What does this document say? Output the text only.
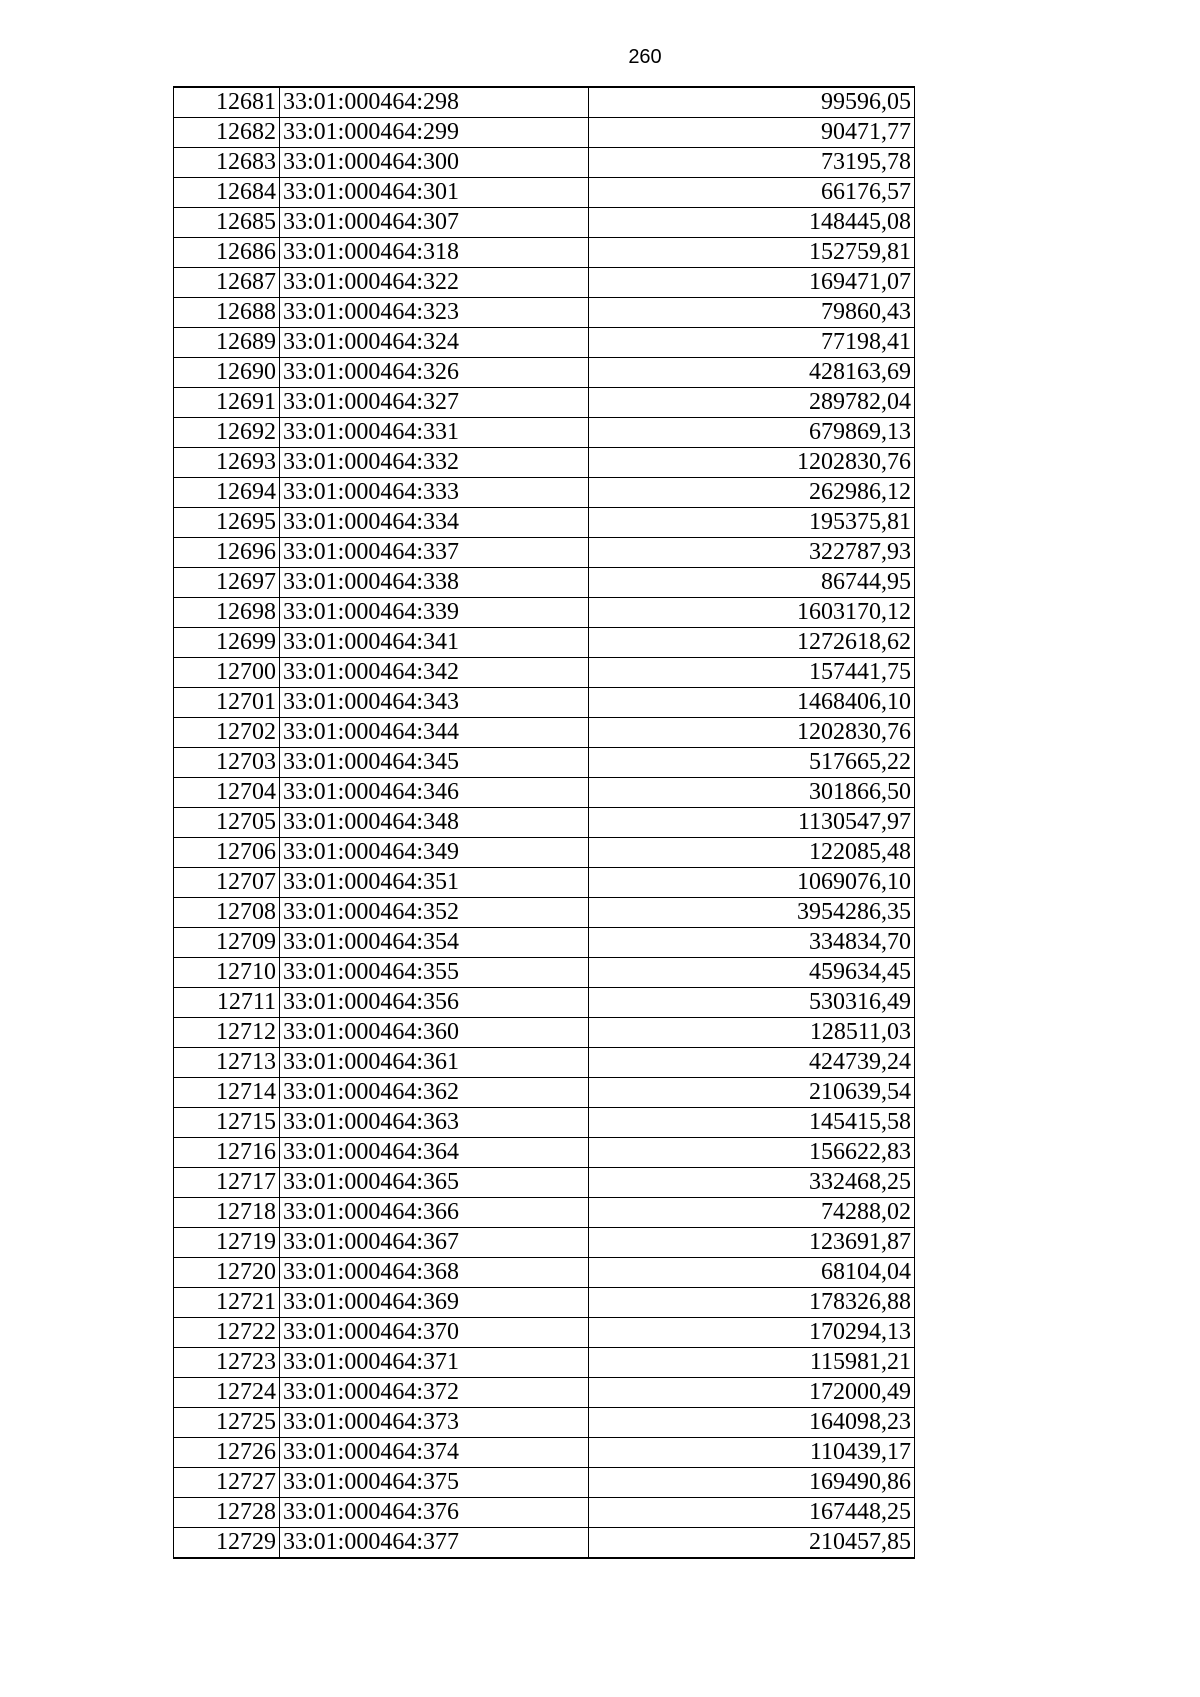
260
12681	33:01:000464:298	99596,05
12682	33:01:000464:299	90471,77
12683	33:01:000464:300	73195,78
12684	33:01:000464:301	66176,57
12685	33:01:000464:307	148445,08
12686	33:01:000464:318	152759,81
12687	33:01:000464:322	169471,07
12688	33:01:000464:323	79860,43
12689	33:01:000464:324	77198,41
12690	33:01:000464:326	428163,69
12691	33:01:000464:327	289782,04
12692	33:01:000464:331	679869,13
12693	33:01:000464:332	1202830,76
12694	33:01:000464:333	262986,12
12695	33:01:000464:334	195375,81
12696	33:01:000464:337	322787,93
12697	33:01:000464:338	86744,95
12698	33:01:000464:339	1603170,12
12699	33:01:000464:341	1272618,62
12700	33:01:000464:342	157441,75
12701	33:01:000464:343	1468406,10
12702	33:01:000464:344	1202830,76
12703	33:01:000464:345	517665,22
12704	33:01:000464:346	301866,50
12705	33:01:000464:348	1130547,97
12706	33:01:000464:349	122085,48
12707	33:01:000464:351	1069076,10
12708	33:01:000464:352	3954286,35
12709	33:01:000464:354	334834,70
12710	33:01:000464:355	459634,45
12711	33:01:000464:356	530316,49
12712	33:01:000464:360	128511,03
12713	33:01:000464:361	424739,24
12714	33:01:000464:362	210639,54
12715	33:01:000464:363	145415,58
12716	33:01:000464:364	156622,83
12717	33:01:000464:365	332468,25
12718	33:01:000464:366	74288,02
12719	33:01:000464:367	123691,87
12720	33:01:000464:368	68104,04
12721	33:01:000464:369	178326,88
12722	33:01:000464:370	170294,13
12723	33:01:000464:371	115981,21
12724	33:01:000464:372	172000,49
12725	33:01:000464:373	164098,23
12726	33:01:000464:374	110439,17
12727	33:01:000464:375	169490,86
12728	33:01:000464:376	167448,25
12729	33:01:000464:377	210457,85
